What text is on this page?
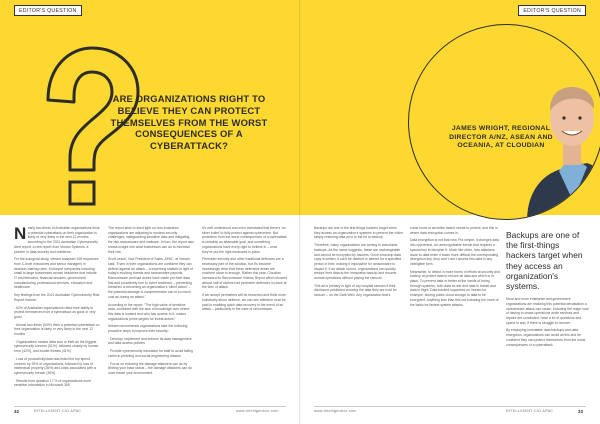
EDITOR'S QUESTION
ARE ORGANIZATIONS RIGHT TO BELIEVE THEY CAN PROTECT THEMSELVES FROM THE WORST CONSEQUENCES OF A CYBERATTACK?
N early two-thirds of Australian organizations think a potential cyberattack on their organization is likely or very likely in the next 12 months, according to the 2021 Australian Cybersecurity Alert report, a new report from Veeam Systems, a pioneer in data security and resilience.

For the inaugural study, Veeam analysed 108 responses from C-level executives and senior managers in decision-making roles. Surveyed companies including small to large businesses across industries that include IT and telecoms, financial services, government, manufacturing, professional services, education and healthcare.

Key findings from the 2021 Australian Cybersecurity Risk Report include:

· 62% of Australian organizations rated their ability to protect themselves from a cyberattack as good or very good

· Almost two-thirds (63%) think a potential cyberattack on their organization is likely or very likely in the next 12 months

· Organizations ranked data loss or theft as the biggest cybersecurity concern (51%), followed closely by human error (42%), and insider threats (41%)

· Loss of productivity/data was listed the top spend concern by 39% of organizations, followed by loss of intellectual property (36%) and costs associated with a cybersecurity breach (35%)

· Results from question 17 % of organizations more sensitive information in Microsoft 365

The report aims to shed light on how Australian organizations are adjusting to modern security challenges, safeguarding sensitive data and mitigating the risk ransomware and malware. In turn, the report also shows insight into what businesses can do to minimise their risk.

Scott Leach, Vice President of Sales, APAC, at Veeam, said: "Even in their organizations are confident they can defend against an attack – a surprising statistic in light of today's evolving threats and ransomware payouts. Ransomware and bad actors have made put their data first and proactively turn to cyber resilience – preventing breaches is becoming an organization's 'silent action' – the potential damage is comprehensive can in so much cost as during an attack."

According to the report: "The high value of sensitive data, combined with the lack of knowledge over where this data is located and who has access to it, makes organizations prime targets for threat actors."

Veeam recommends organizations take the following proactive steps to improve their security:

· Develop, implement and enforce its data management and data access policies

· Provide cybersecurity education for staff to avoid falling victim to phishing and social-engineering attacks

· Focus on reducing the damage attackers can do by limiting your blast radius – the damage attackers can do once inside your environment

It's well understood and even overstated that there's 'no silver bullet' to fully protect against cybercrime. But protection from the worst consequences of a cyberattack is certainly an attainable goal, and something organizations have every right to believe in – once they've put the right measures in place.

Perimeter security and other traditional defences are a necessary part of the solution, but it's become increasingly clear that these defensive areas are nowhere close to enough. Rather this year, Cloudian increased its Ransomware Victims Report which showed almost half of victims had perimeter defences in place at the time of attack.

If we accept perimeters will be breached and think more holistically about defence, we can see attention must be paid to enabling quick data recovery in the event of an attack – particularly in the case of ransomware.

32	INTELLIGENT CIO APAC	www.intelligentcio.com
EDITOR'S QUESTION
JAMES WRIGHT, REGIONAL DIRECTOR A/NZ, ASEAN AND OCEANIA, AT CLOUDIAN

Backups are one of the first things hackers target when they access an organization's systems to prevent the victim simply restoring data prior to the hit to backup.

Therefore, many organizations are turning to immutable backups. As the name suggests, these are unchangeable and cannot be encrypted by hackers. Once a backup data copy is written, it can't be deleted or altered for a specified period of time, making it impossible for ransomware to impact it. If an attack occurs, organizations can quickly restore their data to the immutable backup and resume normal operations without paying the ransom.

This all is primary in light of top hospital ransom if their disclosure published showing the data they are hold for ransom – on the Dark Web. Any organization that's

come know of sensitive data it needs to protect, and this is where data encryption comes in.

Data encryption is not that new. Put simple, it changes data into cyphertext, an unrecognisable format that requires a special key to decipher it. Much like other, how attackers issue to data when it leads more difficult the corresponding decryption key, they won't don't access this data in any intelligible form.

Meanwhile, to detect in more forms of efforts at security and backup at protect data to ensure all data and which is in place. To prevent data or better at the hands of being through systems, both data at rest and data in transit and data in flight. Data backed supported on Veeam for example, storing public cloud storage to data to be encrypted. Anything less than this not following the more of the basic for fastest system attacks.

Backups are one of the first-things hackers target when they access an organization's systems.

More and more enterprise and government organizations are realizing this potential devastation a ransomware attack can cause, including the major cost of having to cease operations while services and repairs are conducted, have a lot of questions and spend in and, if there is struggle to recover.

By employing immutable data backups and data encryption, organizations can avoid all this and be confident they can protect themselves from the worst consequences of a cyberattack.

www.intelligentcio.com	INTELLIGENT CIO APAC	33
